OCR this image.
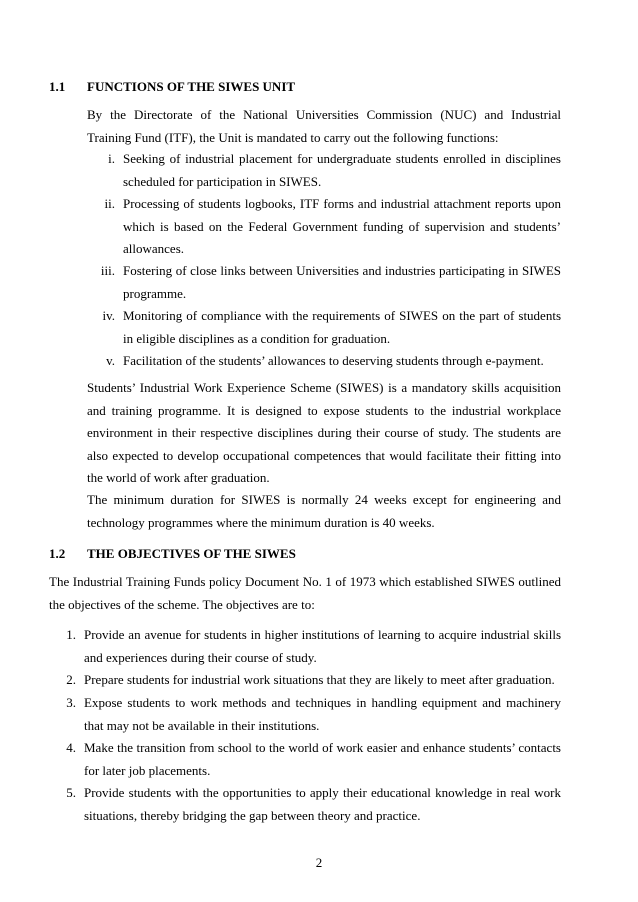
1.1 FUNCTIONS OF THE SIWES UNIT
By the Directorate of the National Universities Commission (NUC) and Industrial Training Fund (ITF), the Unit is mandated to carry out the following functions:
i. Seeking of industrial placement for undergraduate students enrolled in disciplines scheduled for participation in SIWES.
ii. Processing of students logbooks, ITF forms and industrial attachment reports upon which is based on the Federal Government funding of supervision and students’ allowances.
iii. Fostering of close links between Universities and industries participating in SIWES programme.
iv. Monitoring of compliance with the requirements of SIWES on the part of students in eligible disciplines as a condition for graduation.
v. Facilitation of the students’ allowances to deserving students through e-payment.
Students’ Industrial Work Experience Scheme (SIWES) is a mandatory skills acquisition and training programme. It is designed to expose students to the industrial workplace environment in their respective disciplines during their course of study. The students are also expected to develop occupational competences that would facilitate their fitting into the world of work after graduation.
The minimum duration for SIWES is normally 24 weeks except for engineering and technology programmes where the minimum duration is 40 weeks.
1.2 THE OBJECTIVES OF THE SIWES
The Industrial Training Funds policy Document No. 1 of 1973 which established SIWES outlined the objectives of the scheme. The objectives are to:
1. Provide an avenue for students in higher institutions of learning to acquire industrial skills and experiences during their course of study.
2. Prepare students for industrial work situations that they are likely to meet after graduation.
3. Expose students to work methods and techniques in handling equipment and machinery that may not be available in their institutions.
4. Make the transition from school to the world of work easier and enhance students’ contacts for later job placements.
5. Provide students with the opportunities to apply their educational knowledge in real work situations, thereby bridging the gap between theory and practice.
2
